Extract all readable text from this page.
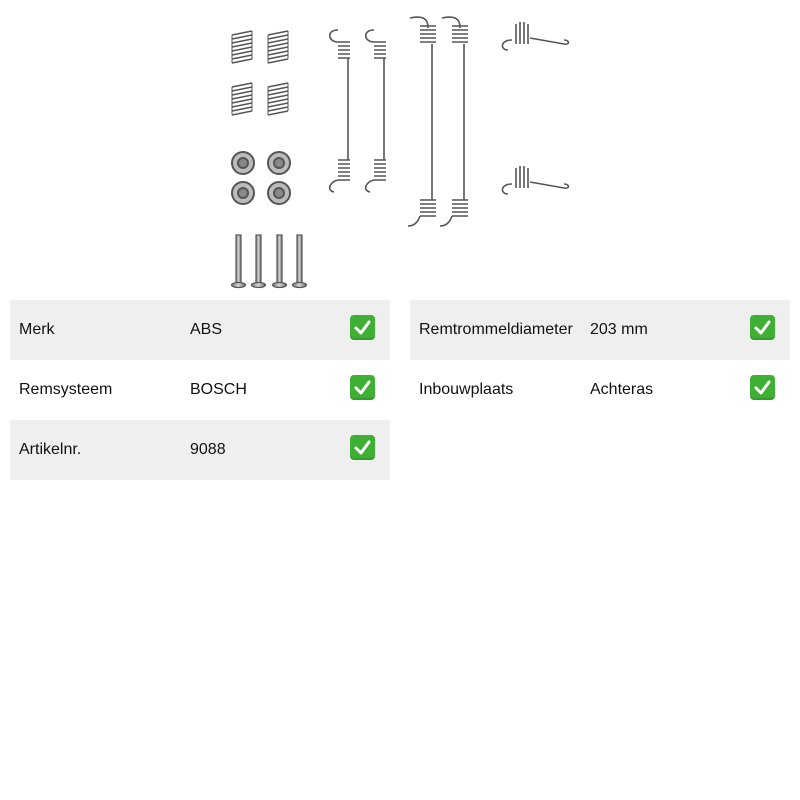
Merk	ABS
Remsysteem	BOSCH
Artikelnr.	9088
Remtrommeldiameter 203 mm
Inbouwplaats	Achteras
